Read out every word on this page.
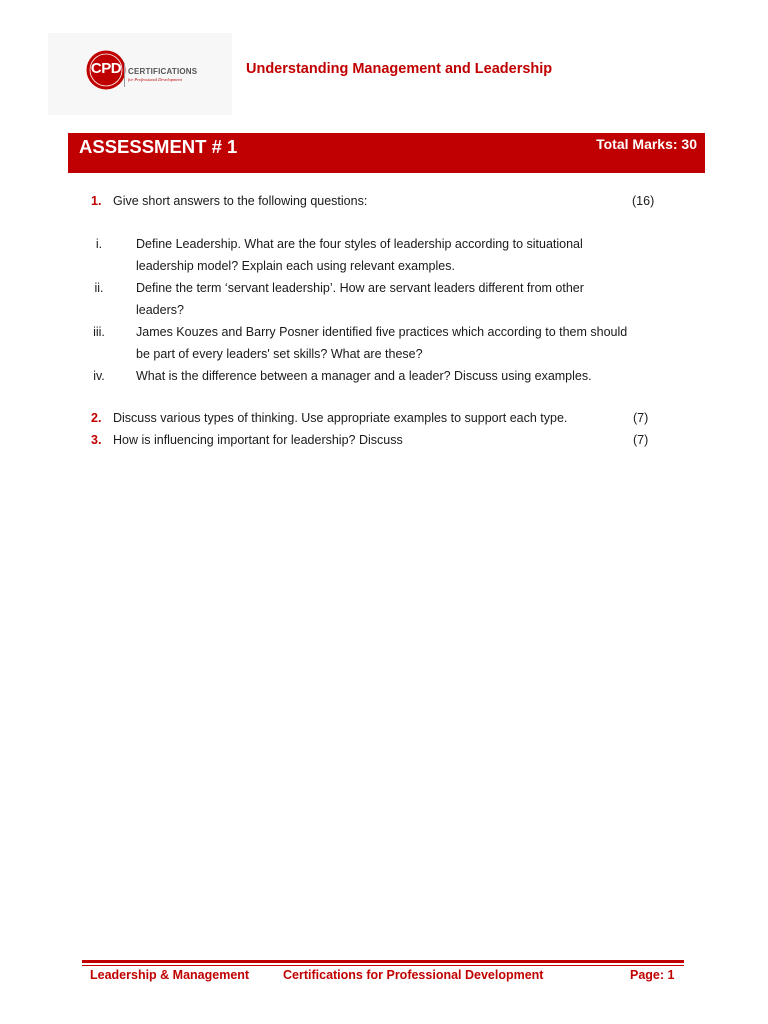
CPD CERTIFICATIONS
for Professional Development
Understanding Management and Leadership
ASSESSMENT # 1	Total Marks: 30
1. Give short answers to the following questions:	(16)
i.	Define Leadership. What are the four styles of leadership according to situational
leadership model? Explain each using relevant examples.
ii.	Define the term ‘servant leadership’. How are servant leaders different from other
leaders?
iii.	James Kouzes and Barry Posner identified five practices which according to them should
be part of every leaders' set skills? What are these?
iv.	What is the difference between a manager and a leader? Discuss using examples.
2. Discuss various types of thinking. Use appropriate examples to support each type.	(7)
3. How is influencing important for leadership? Discuss	(7)
Leadership & Management	Certifications for Professional Development	Page: 1
